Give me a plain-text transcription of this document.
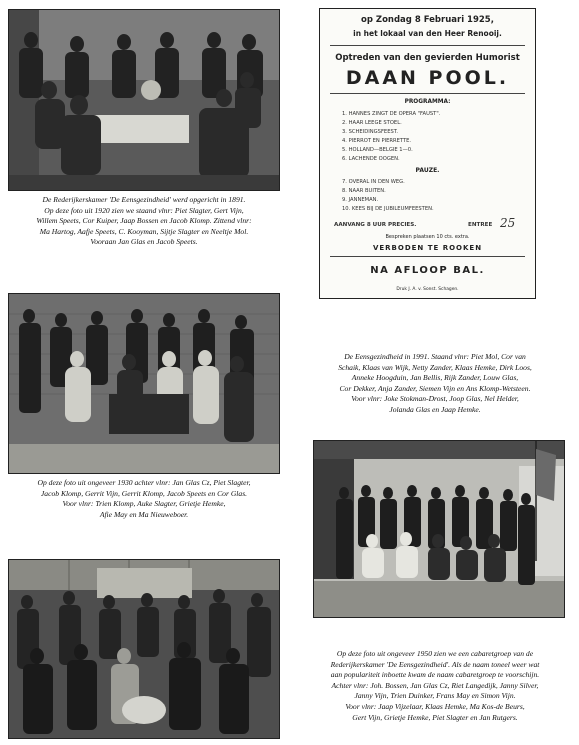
De Rederijkerskamer 'De Eensgezindheid' werd opgericht in 1891.
Op deze foto uit 1920 zien we staand vlnr: Piet Slagter, Gert Vijn,
Willem Speets, Cor Kuiper, Jaap Bossen en Jacob Klomp. Zittend vlnr:
Ma Hartog, Aafje Speets, C. Kooyman, Sijtje Slagter en Neeltje Mol.
Vooraan Jan Glas en Jacob Speets.
op Zondag 8 Februari 1925,
in het lokaal van den Heer Renooij.
Optreden van den gevierden Humorist
DAAN POOL.
PROGRAMMA:
1. HANNES ZINGT DE OPERA "FAUST".
2. HAAR LEEGE STOEL.
3. SCHEIDINGSFEEST.
4. PIERROT EN PIERRETTE.
5. HOLLAND—BELGIE 1—0.
6. LACHENDE OOGEN.
PAUZE.
7. OVERAL IN DEN WEG.
8. NAAR BUITEN.
9. JANNEMAN.
10. KEES BIJ DE JUBILEUMFEESTEN.
AANVANG 8 UUR PRECIES.	ENTREE 25
Bespreken plaatsen 10 cts. extra.
VERBODEN TE ROOKEN
NA AFLOOP BAL.
Druk J. A. v. Sonst. Schagen.
Op deze foto uit ongeveer 1930 achter vlnr: Jan Glas Cz, Piet Slagter,
Jacob Klomp, Gerrit Vijn, Gerrit Klomp, Jacob Speets en Cor Glas.
Voor vlnr: Trien Klomp, Auke Slagter, Grietje Hemke,
Afie May en Ma Nieuweboer.
De Eensgezindheid in 1991. Staand vlnr: Piet Mol, Cor van
Schaik, Klaas van Wijk, Netty Zander, Klaas Hemke, Dirk Loos,
Anneke Hoogduin, Jan Bellis, Rijk Zander, Louw Glas,
Cor Dekker, Anja Zander, Siemen Vijn en Ans Klomp-Wetsteen.
Voor vlnr: Joke Stokman-Drost, Joop Glas, Nel Helder,
Jolanda Glas en Jaap Hemke.
Op deze foto uit ongeveer 1950 zien we een cabaretgroep van de
Rederijkerskamer 'De Eensgezindheid'. Als de naam toneel weer wat
aan populariteit inboette kwam de naam cabaretgroep te voorschijn.
Achter vlnr: Joh. Bossen, Jan Glas Cz, Riet Langedijk, Janny Silver,
Janny Vijn, Trien Duinker, Frans May en Simon Vijn.
Voor vlnr: Jaap Vijzelaar, Klaas Hemke, Ma Kos-de Beurs,
Gert Vijn, Grietje Hemke, Piet Slagter en Jan Rutgers.
